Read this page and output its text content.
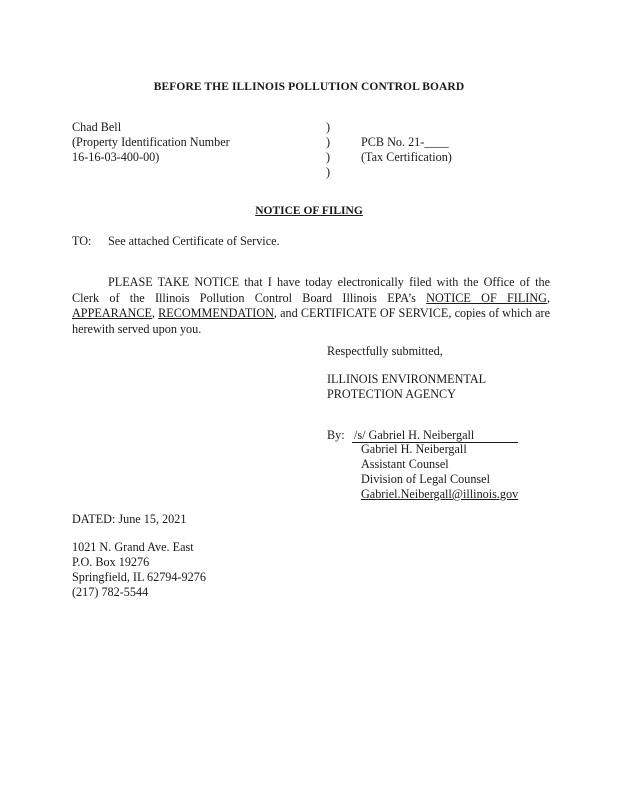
BEFORE THE ILLINOIS POLLUTION CONTROL BOARD
Chad Bell
(Property Identification Number
16-16-03-400-00)
)
)
)
)
PCB No. 21-____
(Tax Certification)
NOTICE OF FILING
TO: See attached Certificate of Service.
PLEASE TAKE NOTICE that I have today electronically filed with the Office of the Clerk of the Illinois Pollution Control Board Illinois EPA’s NOTICE OF FILING, APPEARANCE, RECOMMENDATION, and CERTIFICATE OF SERVICE, copies of which are herewith served upon you.
Respectfully submitted,
ILLINOIS ENVIRONMENTAL
PROTECTION AGENCY
By: /s/ Gabriel H. Neibergall
Gabriel H. Neibergall
Assistant Counsel
Division of Legal Counsel
Gabriel.Neibergall@illinois.gov
DATED: June 15, 2021
1021 N. Grand Ave. East
P.O. Box 19276
Springfield, IL 62794-9276
(217) 782-5544
